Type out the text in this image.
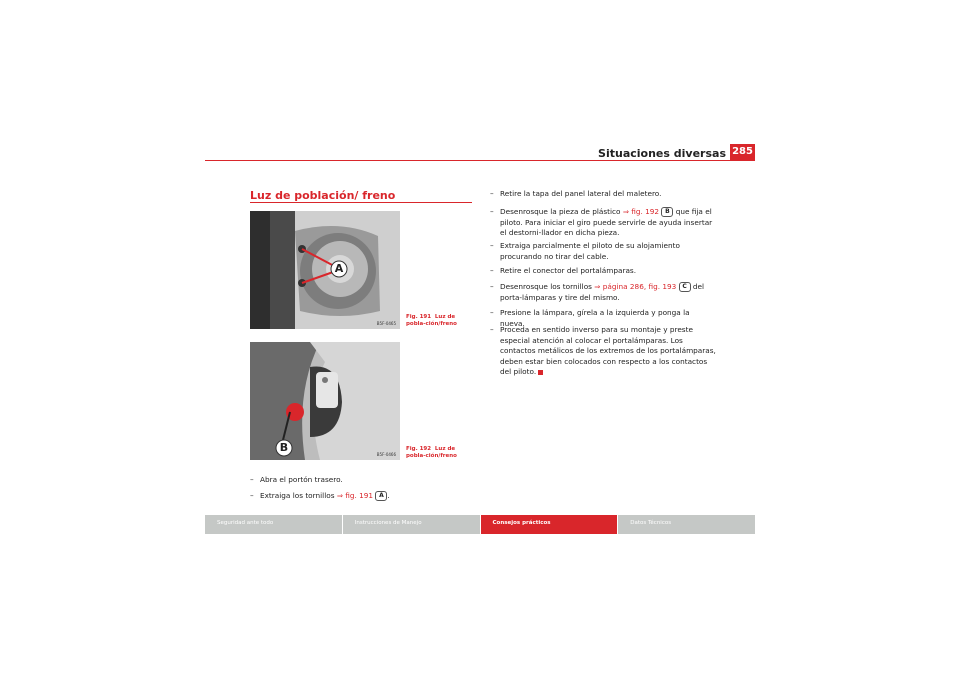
Situaciones diversas 285
Luz de población/ freno
A
B5F-0465
Fig. 191 Luz de pobla-ción/freno
B
B5F-0466
Fig. 192 Luz de pobla-ción/freno
– Abra el portón trasero.
– Extraiga los tornillos ⇒ fig. 191 A .
– Retire la tapa del panel lateral del maletero.
– Desenrosque la pieza de plástico ⇒ fig. 192 B que fija el piloto. Para iniciar el giro puede servirle de ayuda insertar el destorni-llador en dicha pieza.
– Extraiga parcialmente el piloto de su alojamiento procurando no tirar del cable.
– Retire el conector del portalámparas.
– Desenrosque los tornillos ⇒ página 286, fig. 193 C del porta-lámparas y tire del mismo.
– Presione la lámpara, gírela a la izquierda y ponga la nueva.
– Proceda en sentido inverso para su montaje y preste especial atención al colocar el portalámparas. Los contactos metálicos de los extremos de los portalámparas, deben estar bien colocados con respecto a los contactos del piloto.
Seguridad ante todo	Instrucciones de Manejo	Consejos prácticos	Datos Técnicos
